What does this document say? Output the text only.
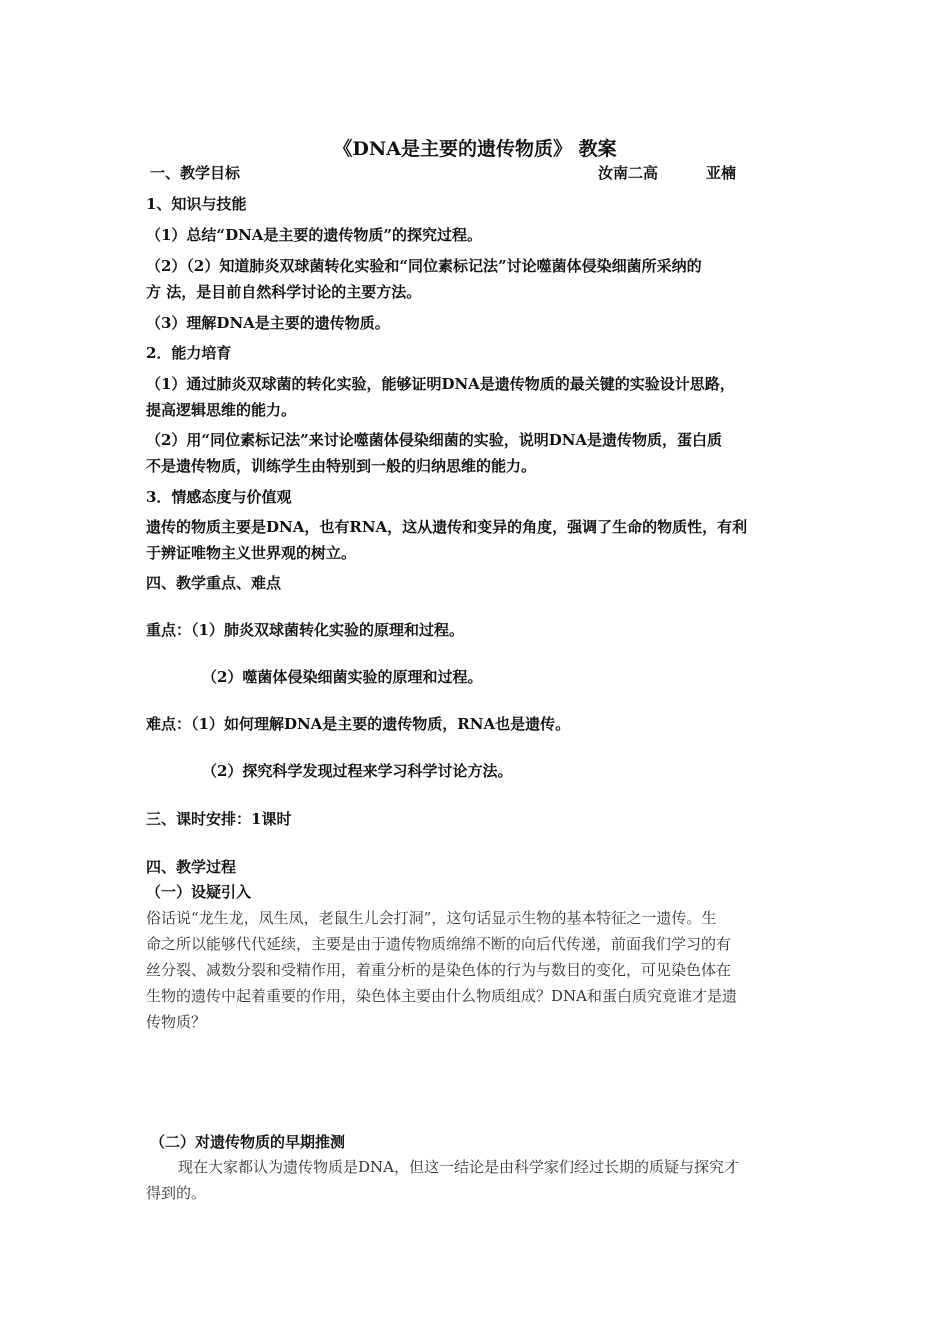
《DNA是主要的遗传物质》 教案
一、教学目标	汝南二高	亚楠
1、知识与技能
（1）总结“DNA是主要的遗传物质”的探究过程。
（2）（2）知道肺炎双球菌转化实验和“同位素标记法”讨论噬菌体侵染细菌所采纳的
方 法，是目前自然科学讨论的主要方法。
（3）理解DNA是主要的遗传物质。
2．能力培育
（1）通过肺炎双球菌的转化实验，能够证明DNA是遗传物质的最关键的实验设计思路，
提高逻辑思维的能力。
（2）用“同位素标记法”来讨论噬菌体侵染细菌的实验，说明DNA是遗传物质，蛋白质
不是遗传物质，训练学生由特别到一般的归纳思维的能力。
3．情感态度与价值观
遗传的物质主要是DNA，也有RNA，这从遗传和变异的角度，强调了生命的物质性，有利
于辨证唯物主义世界观的树立。
四、教学重点、难点
重点：（1）肺炎双球菌转化实验的原理和过程。
（2）噬菌体侵染细菌实验的原理和过程。
难点：（1）如何理解DNA是主要的遗传物质，RNA也是遗传。
（2）探究科学发现过程来学习科学讨论方法。
三、课时安排：1课时
四、教学过程
（一）设疑引入
俗话说“龙生龙，凤生凤，老鼠生儿会打洞”，这句话显示生物的基本特征之一遗传。生
命之所以能够代代延续，主要是由于遗传物质绵绵不断的向后代传递，前面我们学习的有
丝分裂、减数分裂和受精作用，着重分析的是染色体的行为与数目的变化，可见染色体在
生物的遗传中起着重要的作用，染色体主要由什么物质组成？DNA和蛋白质究竟谁才是遗
传物质？
（二）对遗传物质的早期推测
现在大家都认为遗传物质是DNA，但这一结论是由科学家们经过长期的质疑与探究才
得到的。
